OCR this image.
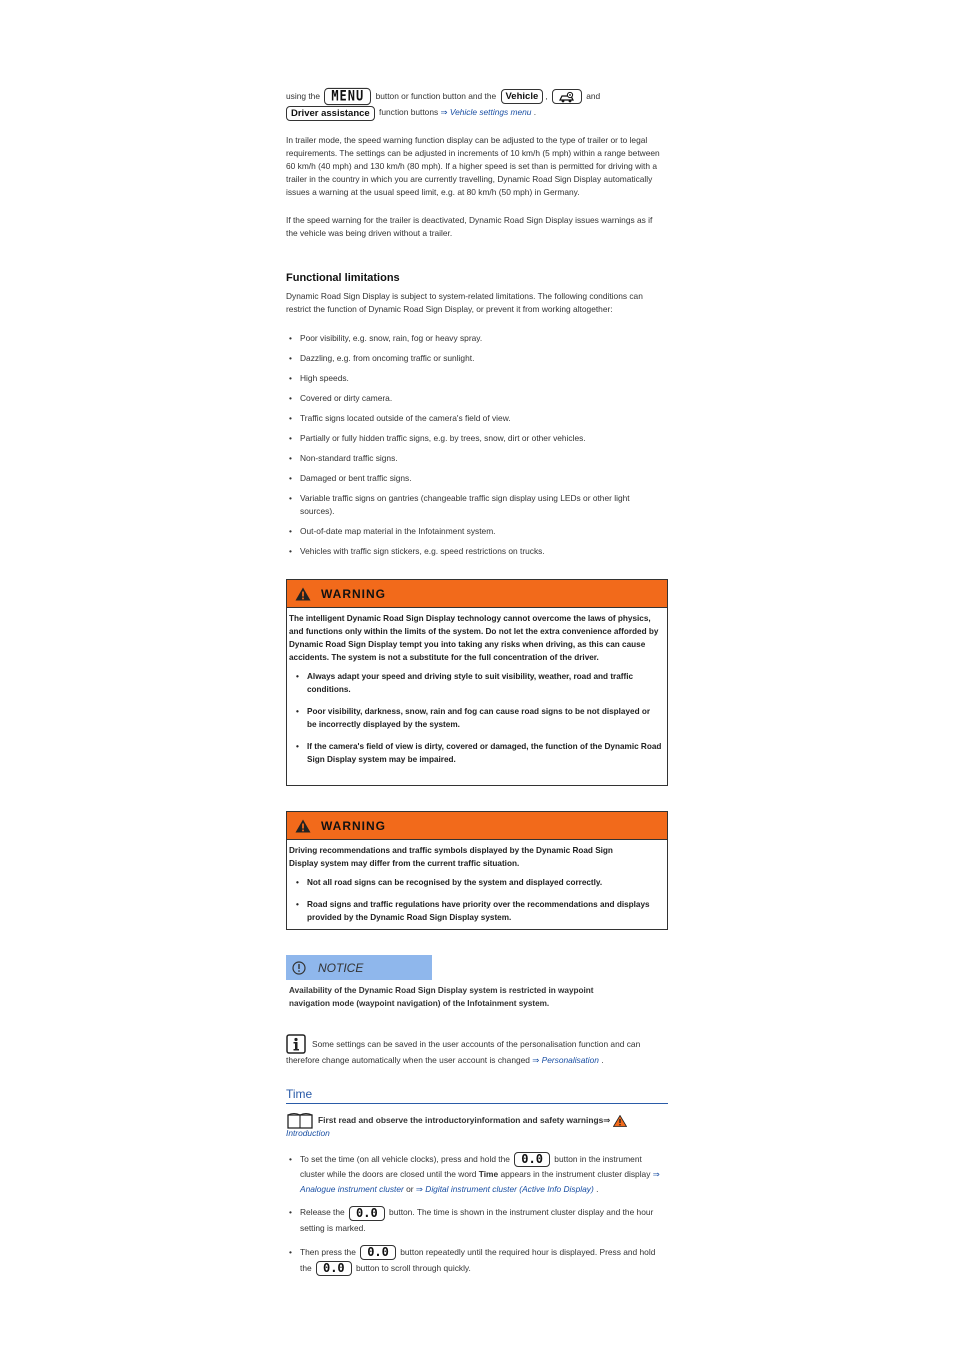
using the MENU button or function button and the Vehicle ,	and
Driver assistance function buttons ⇒ Vehicle settings menu .

In trailer mode, the speed warning function display can be adjusted to the type of trailer or to legal requirements. The settings can be adjusted in increments of 10 km/h (5 mph) within a range between 60 km/h (40 mph) and 130 km/h (80 mph). If a higher speed is set than is permitted for driving with a trailer in the country in which you are currently travelling, Dynamic Road Sign Display automatically issues a warning at the usual speed limit, e.g. at 80 km/h (50 mph) in Germany.

If the speed warning for the trailer is deactivated, Dynamic Road Sign Display issues warnings as if the vehicle was being driven without a trailer.

Functional limitations

Dynamic Road Sign Display is subject to system-related limitations. The following conditions can restrict the function of Dynamic Road Sign Display, or prevent it from working altogether:

• Poor visibility, e.g. snow, rain, fog or heavy spray.
• Dazzling, e.g. from oncoming traffic or sunlight.
• High speeds.
• Covered or dirty camera.
• Traffic signs located outside of the camera's field of view.
• Partially or fully hidden traffic signs, e.g. by trees, snow, dirt or other vehicles.
• Non-standard traffic signs.
• Damaged or bent traffic signs.
• Variable traffic signs on gantries (changeable traffic sign display using LEDs or other light sources).
• Out-of-date map material in the Infotainment system.
• Vehicles with traffic sign stickers, e.g. speed restrictions on trucks.
WARNING

The intelligent Dynamic Road Sign Display technology cannot overcome the laws of physics, and functions only within the limits of the system. Do not let the extra convenience afforded by Dynamic Road Sign Display tempt you into taking any risks when driving, as this can cause accidents. The system is not a substitute for the full concentration of the driver.

• Always adapt your speed and driving style to suit visibility, weather, road and traffic conditions.
• Poor visibility, darkness, snow, rain and fog can cause road signs to be not displayed or be incorrectly displayed by the system.
• If the camera's field of view is dirty, covered or damaged, the function of the Dynamic Road Sign Display system may be impaired.
WARNING

Driving recommendations and traffic symbols displayed by the Dynamic Road Sign Display system may differ from the current traffic situation.

• Not all road signs can be recognised by the system and displayed correctly.
• Road signs and traffic regulations have priority over the recommendations and displays provided by the Dynamic Road Sign Display system.
NOTICE

Availability of the Dynamic Road Sign Display system is restricted in waypoint navigation mode (waypoint navigation) of the Infotainment system.

Some settings can be saved in the user accounts of the personalisation function and can therefore change automatically when the user account is changed ⇒ Personalisation .

Time

First read and observe the introductoryinformation and safety warnings⇒

Introduction

• To set the time (on all vehicle clocks), press and hold the 0.0 button in the instrument cluster while the doors are closed until the word Time appears in the instrument cluster display ⇒ Analogue instrument cluster or ⇒ Digital instrument cluster (Active Info Display) .
• Release the 0.0 button. The time is shown in the instrument cluster display and the hour setting is marked.
• Then press the 0.0 button repeatedly until the required hour is displayed. Press and hold the 0.0 button to scroll through quickly.
